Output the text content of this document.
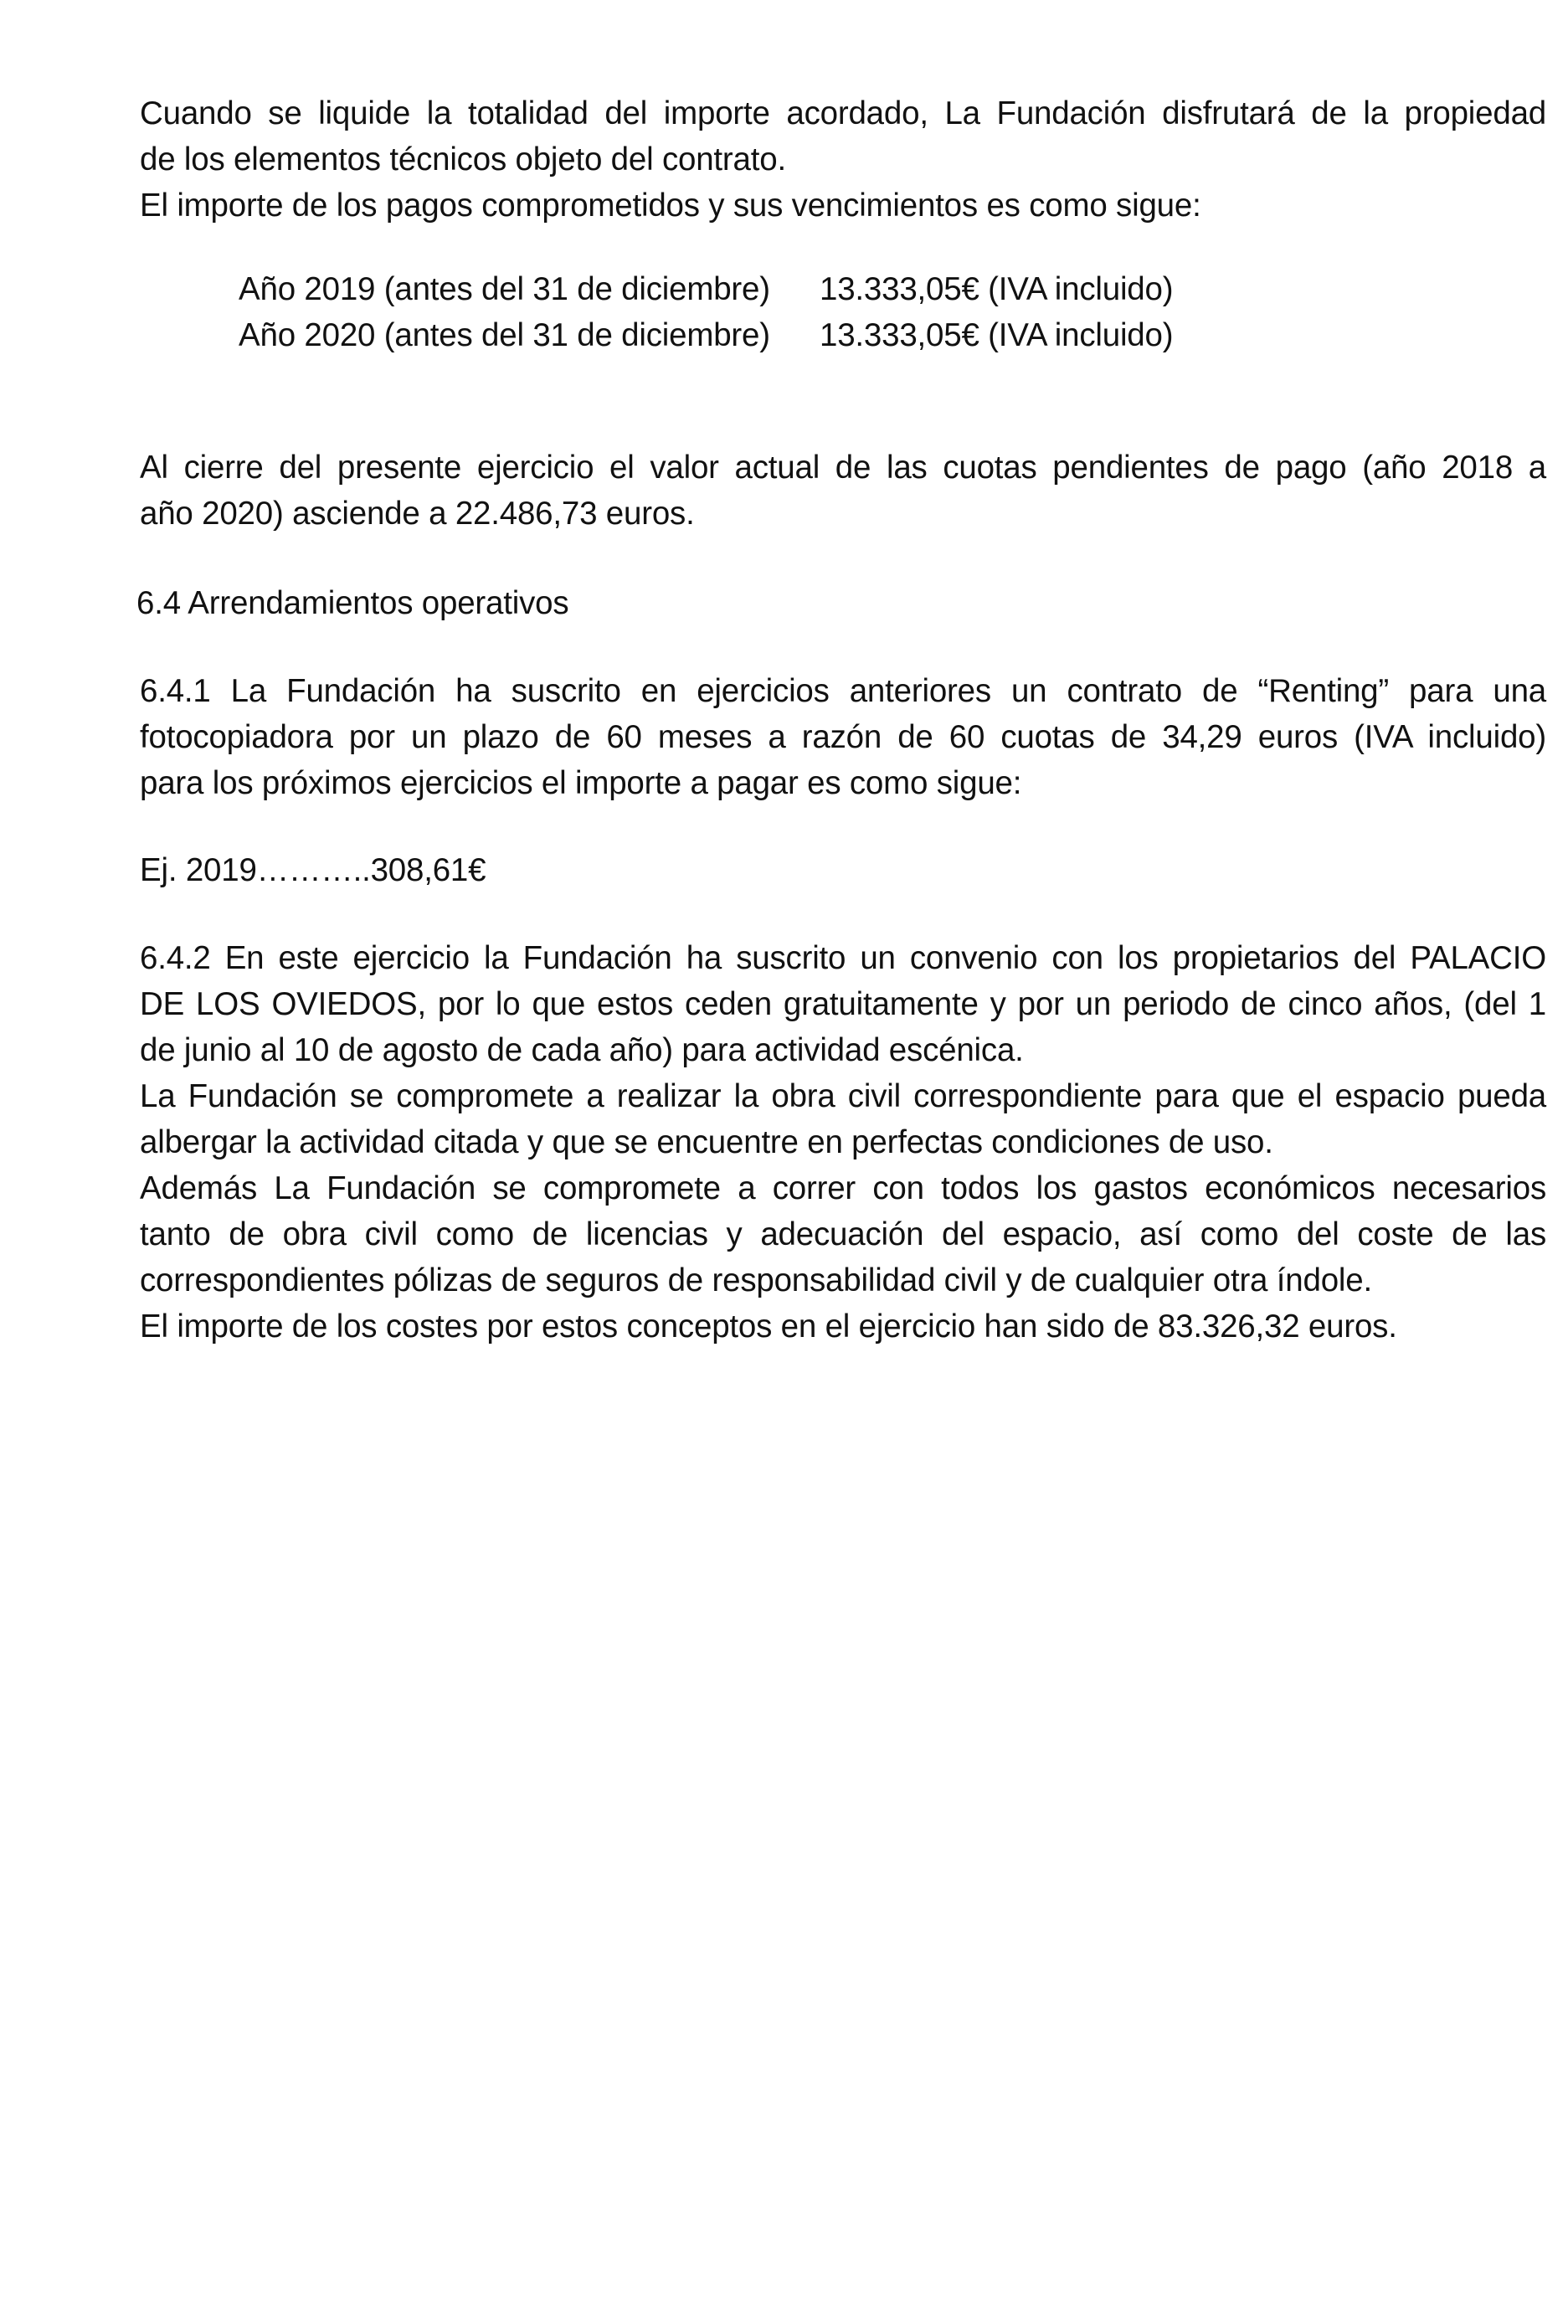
Cuando se liquide la totalidad del importe acordado, La Fundación disfrutará de la propiedad
de los elementos técnicos objeto del contrato.
El importe de los pagos comprometidos y sus vencimientos es como sigue:
Año 2019 (antes del 31 de diciembre) 13.333,05€ (IVA incluido)
Año 2020 (antes del 31 de diciembre) 13.333,05€ (IVA incluido)
Al cierre del presente ejercicio el valor actual de las cuotas pendientes de pago (año 2018 a
año 2020) asciende a 22.486,73 euros.
6.4 Arrendamientos operativos
6.4.1 La Fundación ha suscrito en ejercicios anteriores un contrato de “Renting” para una
fotocopiadora por un plazo de 60 meses a razón de 60 cuotas de 34,29 euros (IVA incluido)
para los próximos ejercicios el importe a pagar es como sigue:
Ej. 2019………..308,61€
6.4.2 En este ejercicio la Fundación ha suscrito un convenio con los propietarios del PALACIO
DE LOS OVIEDOS, por lo que estos ceden gratuitamente y por un periodo de cinco años, (del 1
de junio al 10 de agosto de cada año) para actividad escénica.
La Fundación se compromete a realizar la obra civil correspondiente para que el espacio pueda
albergar la actividad citada y que se encuentre en perfectas condiciones de uso.
Además La Fundación se compromete a correr con todos los gastos económicos necesarios
tanto de obra civil como de licencias y adecuación del espacio, así como del coste de las
correspondientes pólizas de seguros de responsabilidad civil y de cualquier otra índole.
El importe de los costes por estos conceptos en el ejercicio han sido de 83.326,32 euros.
